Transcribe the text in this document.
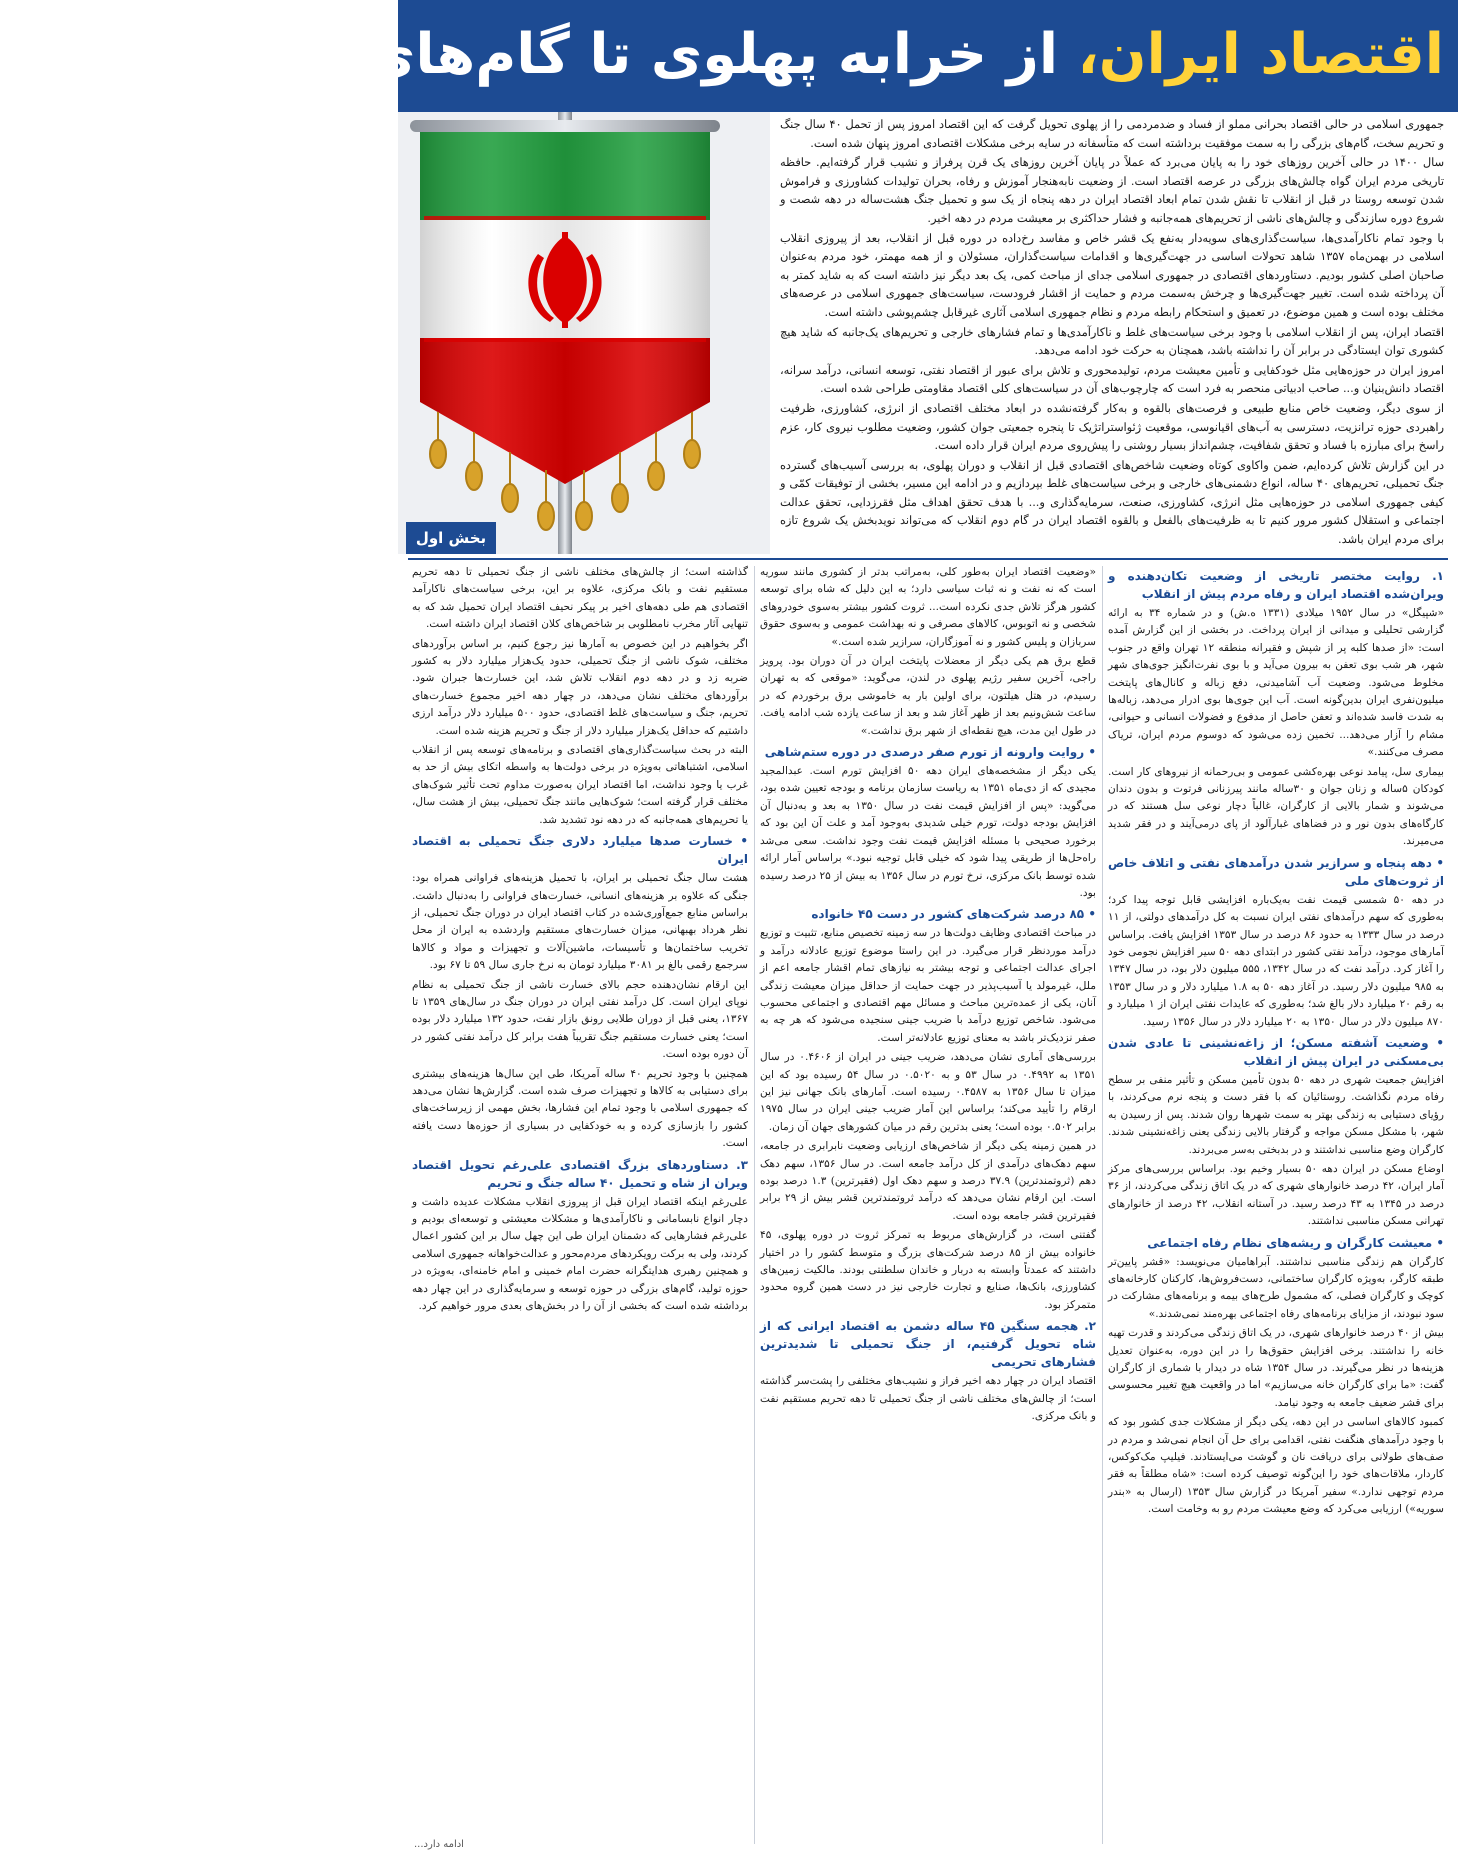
اقتصاد ایران، از خرابه پهلوی تا گام‌های بزرگ انقلاب
بخش اول

جمهوری اسلامی در حالی اقتصاد بحرانی مملو از فساد و ضدمردمی را از پهلوی تحویل گرفت که این اقتصاد امروز پس از تحمل ۴۰ سال جنگ و تحریم سخت، گام‌های بزرگی را به سمت موفقیت برداشته است که متأسفانه در سایه برخی مشکلات اقتصادی امروز پنهان شده است.

سال ۱۴۰۰ در حالی آخرین روزهای خود را به پایان می‌برد که عملاً در پایان آخرین روزهای یک قرن پرفراز و نشیب قرار گرفته‌ایم. حافظه تاریخی مردم ایران گواه چالش‌های بزرگی در عرصه اقتصاد است. از وضعیت نابه‌هنجار آموزش و رفاه، بحران تولیدات کشاورزی و فراموش شدن توسعه روستا در قبل از انقلاب تا نقش شدن تمام ابعاد اقتصاد ایران در دهه پنجاه از یک سو و تحمیل جنگ هشت‌ساله در دهه شصت و شروع دوره سازندگی و چالش‌های ناشی از تحریم‌های همه‌جانبه و فشار حداکثری بر معیشت مردم در دهه اخیر.

با وجود تمام ناکارآمدی‌ها، سیاست‌گذاری‌های سویه‌دار به‌نفع یک قشر خاص و مفاسد رخ‌داده در دوره قبل از انقلاب، بعد از پیروزی انقلاب اسلامی در بهمن‌ماه ۱۳۵۷ شاهد تحولات اساسی در جهت‌گیری‌ها و اقدامات سیاست‌گذاران، مسئولان و از همه مهمتر، خود مردم به‌عنوان صاحبان اصلی کشور بودیم. دستاوردهای اقتصادی در جمهوری اسلامی جدای از مباحث کمی، یک بعد دیگر نیز داشته است که به شاید کمتر به آن پرداخته شده است. تغییر جهت‌گیری‌ها و چرخش به‌سمت مردم و حمایت از اقشار فرودست، سیاست‌های جمهوری اسلامی در عرصه‌های مختلف بوده است و همین موضوع، در تعمیق و استحکام رابطه مردم و نظام جمهوری اسلامی آثاری غیرقابل چشم‌پوشی داشته است.

اقتصاد ایران، پس از انقلاب اسلامی با وجود برخی سیاست‌های غلط و ناکارآمدی‌ها و تمام فشارهای خارجی و تحریم‌های یک‌جانبه که شاید هیچ کشوری توان ایستادگی در برابر آن را نداشته باشد، همچنان به حرکت خود ادامه می‌دهد.

امروز ایران در حوزه‌هایی مثل خودکفایی و تأمین معیشت مردم، تولیدمحوری و تلاش برای عبور از اقتصاد نفتی، توسعه انسانی، درآمد سرانه، اقتصاد دانش‌بنیان و... صاحب ادبیاتی منحصر به فرد است که چارچوب‌های آن در سیاست‌های کلی اقتصاد مقاومتی طراحی شده است.

از سوی دیگر، وضعیت خاص منابع طبیعی و فرصت‌های بالقوه و به‌کار گرفته‌نشده در ابعاد مختلف اقتصادی از انرژی، کشاورزی، ظرفیت راهبردی حوزه ترانزیت، دسترسی به آب‌های اقیانوسی، موقعیت ژئواستراتژیک تا پنجره جمعیتی جوان کشور، وضعیت مطلوب نیروی کار، عزم راسخ برای مبارزه با فساد و تحقق شفافیت، چشم‌انداز بسیار روشنی را پیش‌روی مردم ایران قرار داده است.

در این گزارش تلاش کرده‌ایم، ضمن واکاوی کوتاه وضعیت شاخص‌های اقتصادی قبل از انقلاب و دوران پهلوی، به بررسی آسیب‌های گسترده جنگ تحمیلی، تحریم‌های ۴۰ ساله، انواع دشمنی‌های خارجی و برخی سیاست‌های غلط بپردازیم و در ادامه این مسیر، بخشی از توفیقات کمّی و کیفی جمهوری اسلامی در حوزه‌هایی مثل انرژی، کشاورزی، صنعت، سرمایه‌گذاری و... با هدف تحقق اهداف مثل فقرزدایی، تحقق عدالت اجتماعی و استقلال کشور مرور کنیم تا به ظرفیت‌های بالفعل و بالقوه اقتصاد ایران در گام دوم انقلاب که می‌تواند نوید‌بخش یک شروع تازه برای مردم ایران باشد.

۱. روایت مختصر تاریخی از وضعیت تکان‌دهنده و ویران‌شده اقتصاد ایران و رفاه مردم پیش از انقلاب

«شپیگل» در سال ۱۹۵۲ میلادی (۱۳۳۱ ه.ش) و در شماره ۳۴ به ارائه گزارشی تحلیلی و میدانی از ایران پرداخت. در بخشی از این گزارش آمده است: «از صدها کلبه پر از شپش و فقیرانه منطقه ۱۲ تهران واقع در جنوب شهر، هر شب بوی تعفن به بیرون می‌آید و با بوی نفرت‌انگیز جوی‌های شهر مخلوط می‌شود. وضعیت آب آشامیدنی، دفع زباله و کانال‌های پایتخت میلیون‌نفری ایران بدین‌گونه است. آب این جوی‌ها بوی ادرار می‌دهد، زباله‌ها به شدت فاسد شده‌اند و تعفن حاصل از مدفوع و فضولات انسانی و حیوانی، مشام را آزار می‌دهد... تخمین زده می‌شود که دوسوم مردم ایران، تریاک مصرف می‌کنند.»

بیماری سل، پیامد نوعی بهره‌کشی عمومی و بی‌رحمانه از نیروهای کار است. کودکان ۵ساله و زنان جوان و ۳۰ساله مانند پیرزنانی فرتوت و بدون دندان می‌شوند و شمار بالایی از کارگران، غالباً دچار نوعی سل هستند که در کارگاه‌های بدون نور و در فضاهای غبارآلود از پای درمی‌آیند و در فقر شدید می‌میرند.

• دهه پنجاه و سرازیر شدن درآمدهای نفتی و اتلاف خاص از ثروت‌های ملی

در دهه ۵۰ شمسی قیمت نفت به‌یک‌باره افزایشی قابل توجه پیدا کرد؛ به‌طوری که سهم درآمدهای نفتی ایران نسبت به کل درآمدهای دولتی، از ۱۱ درصد در سال ۱۳۳۳ به حدود ۸۶ درصد در سال ۱۳۵۳ افزایش یافت. براساس آمارهای موجود، درآمد نفتی کشور در ابتدای دهه ۵۰ سیر افزایش نجومی خود را آغاز کرد. درآمد نفت که در سال ۱۳۴۲، ۵۵۵ میلیون دلار بود، در سال ۱۳۴۷ به ۹۸۵ میلیون دلار رسید. در آغاز دهه ۵۰ به ۱.۸ میلیارد دلار و در سال ۱۳۵۳ به رقم ۲۰ میلیارد دلار بالغ شد؛ به‌طوری که عایدات نفتی ایران از ۱ میلیارد و ۸۷۰ میلیون دلار در سال ۱۳۵۰ به ۲۰ میلیارد دلار در سال ۱۳۵۶ رسید.

• وضعیت آشفته مسکن؛ از زاغه‌نشینی تا عادی شدن بی‌مسکنی در ایران پیش از انقلاب

افزایش جمعیت شهری در دهه ۵۰ بدون تأمین مسکن و تأثیر منفی بر سطح رفاه مردم نگذاشت. روستائیان که با فقر دست و پنجه نرم می‌کردند، با رؤیای دستیابی به زندگی بهتر به سمت شهرها روان شدند. پس از رسیدن به شهر، با مشکل مسکن مواجه و گرفتار بالایی زندگی یعنی زاغه‌نشینی شدند. کارگران وضع مناسبی نداشتند و در بدبختی به‌سر می‌بردند.

اوضاع مسکن در ایران دهه ۵۰ بسیار وخیم بود. براساس بررسی‌های مرکز آمار ایران، ۴۲ درصد خانوارهای شهری که در یک اتاق زندگی می‌کردند، از ۳۶ درصد در ۱۳۴۵ به ۴۳ درصد رسید. در آستانه انقلاب، ۴۲ درصد از خانوارهای تهرانی مسکن مناسبی نداشتند.

• معیشت کارگران و ریشه‌های نظام رفاه اجتماعی

کارگران هم زندگی مناسبی نداشتند. آبراهامیان می‌نویسد: «قشر پایین‌تر طبقه کارگر، به‌ویژه کارگران ساختمانی، دست‌فروش‌ها، کارکنان کارخانه‌های کوچک و کارگران فصلی، که مشمول طرح‌های بیمه و برنامه‌های مشارکت در سود نبودند، از مزایای برنامه‌های رفاه اجتماعی بهره‌مند نمی‌شدند.»

بیش از ۴۰ درصد خانوارهای شهری، در یک اتاق زندگی می‌کردند و قدرت تهیه خانه را نداشتند. برخی افزایش حقوق‌ها را در این دوره، به‌عنوان تعدیل هزینه‌ها در نظر می‌گیرند. در سال ۱۳۵۴ شاه در دیدار با شماری از کارگران گفت: «ما برای کارگران خانه می‌سازیم» اما در واقعیت هیچ تغییر محسوسی برای قشر ضعیف جامعه به وجود نیامد.

کمبود کالاهای اساسی در این دهه، یکی دیگر از مشکلات جدی کشور بود که با وجود درآمدهای هنگفت نفتی، اقدامی برای حل آن انجام نمی‌شد و مردم در صف‌های طولانی برای دریافت نان و گوشت می‌ایستادند. فیلیپ مک‌کوکس، کاردار، ملاقات‌های خود را این‌گونه توصیف کرده است: «شاه مطلقاً به فقر مردم توجهی ندارد.» سفیر آمریکا در گزارش سال ۱۳۵۳ (ارسال به «بندر سوریه») ارزیابی می‌کرد که وضع معیشت مردم رو به وخامت است.

«وضعیت اقتصاد ایران به‌طور کلی، به‌مراتب بدتر از کشوری مانند سوریه است که نه نفت و نه ثبات سیاسی دارد؛ به این دلیل که شاه برای توسعه کشور هرگز تلاش جدی نکرده است... ثروت کشور بیشتر به‌سوی خودروهای شخصی و نه اتوبوس، کالاهای مصرفی و نه بهداشت عمومی و به‌سوی حقوق سربازان و پلیس کشور و نه آموزگاران، سرازیر شده است.»

قطع برق هم یکی دیگر از معضلات پایتخت ایران در آن دوران بود. پرویز راجی، آخرین سفیر رژیم پهلوی در لندن، می‌گوید: «موقعی که به تهران رسیدم، در هتل هیلتون، برای اولین بار به خاموشی برق برخوردم که در ساعت شش‌ونیم بعد از ظهر آغاز شد و بعد از ساعت یازده شب ادامه یافت. در طول این مدت، هیچ نقطه‌ای از شهر برق نداشت.»

• روایت وارونه از تورم صفر درصدی در دوره ستم‌شاهی

یکی دیگر از مشخصه‌های ایران دهه ۵۰ افزایش تورم است. عبدالمجید مجیدی که از دی‌ماه ۱۳۵۱ به ریاست سازمان برنامه و بودجه تعیین شده بود، می‌گوید: «پس از افزایش قیمت نفت در سال ۱۳۵۰ به بعد و به‌دنبال آن افزایش بودجه دولت، تورم خیلی شدیدی به‌وجود آمد و علت آن این بود که برخورد صحیحی با مسئله افزایش قیمت نفت وجود نداشت. سعی می‌شد راه‌حل‌ها از طریقی پیدا شود که خیلی قابل توجیه نبود.» براساس آمار ارائه شده توسط بانک مرکزی، نرخ تورم در سال ۱۳۵۶ به بیش از ۲۵ درصد رسیده بود.

• ۸۵ درصد شرکت‌های کشور در دست ۴۵ خانواده

در مباحث اقتصادی وظایف دولت‌ها در سه زمینه تخصیص منابع، تثبیت و توزیع درآمد موردنظر قرار می‌گیرد. در این راستا موضوع توزیع عادلانه درآمد و اجرای عدالت اجتماعی و توجه بیشتر به نیازهای تمام اقشار جامعه اعم از ملل، غیرمولد یا آسیب‌پذیر در جهت حمایت از حداقل میزان معیشت زندگی آنان، یکی از عمده‌ترین مباحث و مسائل مهم اقتصادی و اجتماعی محسوب می‌شود. شاخص توزیع درآمد با ضریب جینی سنجیده می‌شود که هر چه به صفر نزدیک‌تر باشد به معنای توزیع عادلانه‌تر است.

بررسی‌های آماری نشان می‌دهد، ضریب جینی در ایران از ۰.۴۶۰۶ در سال ۱۳۵۱ به ۰.۴۹۹۲ در سال ۵۳ و به ۰.۵۰۲۰ در سال ۵۴ رسیده بود که این میزان تا سال ۱۳۵۶ به ۰.۴۵۸۷ رسیده است. آمارهای بانک جهانی نیز این ارقام را تأیید می‌کند؛ براساس این آمار ضریب جینی ایران در سال ۱۹۷۵ برابر ۰.۵۰۲ بوده است؛ یعنی بدترین رقم در میان کشورهای جهان آن زمان.

در همین زمینه یکی دیگر از شاخص‌های ارزیابی وضعیت نابرابری در جامعه، سهم دهک‌های درآمدی از کل درآمد جامعه است. در سال ۱۳۵۶، سهم دهک دهم (ثروتمندترین) ۳۷.۹ درصد و سهم دهک اول (فقیرترین) ۱.۳ درصد بوده است. این ارقام نشان می‌دهد که درآمد ثروتمندترین قشر بیش از ۲۹ برابر فقیرترین قشر جامعه بوده است.

گفتنی است، در گزارش‌های مربوط به تمرکز ثروت در دوره پهلوی، ۴۵ خانواده بیش از ۸۵ درصد شرکت‌های بزرگ و متوسط کشور را در اختیار داشتند که عمدتاً وابسته به دربار و خاندان سلطنتی بودند. مالکیت زمین‌های کشاورزی، بانک‌ها، صنایع و تجارت خارجی نیز در دست همین گروه محدود متمرکز بود.

۲. هجمه سنگین ۴۵ ساله دشمن به اقتصاد ایرانی که از شاه تحویل گرفتیم، از جنگ تحمیلی تا شدیدترین فشارهای تحریمی

اقتصاد ایران در چهار دهه اخیر فراز و نشیب‌های مختلفی را پشت‌سر گذاشته است؛ از چالش‌های مختلف ناشی از جنگ تحمیلی تا دهه تحریم مستقیم نفت و بانک مرکزی.

گذاشته است؛ از چالش‌های مختلف ناشی از جنگ تحمیلی تا دهه تحریم مستقیم نفت و بانک مرکزی، علاوه بر این، برخی سیاست‌های ناکارآمد اقتصادی هم طی دهه‌های اخیر بر پیکر نحیف اقتصاد ایران تحمیل شد که به تنهایی آثار مخرب نامطلوبی بر شاخص‌های کلان اقتصاد ایران داشته است.

اگر بخواهیم در این خصوص به آمارها نیز رجوع کنیم، بر اساس برآوردهای مختلف، شوک ناشی از جنگ تحمیلی، حدود یک‌هزار میلیارد دلار به کشور ضربه زد و در دهه دوم انقلاب تلاش شد، این خسارت‌ها جبران شود. برآوردهای مختلف نشان می‌دهد، در چهار دهه اخیر مجموع خسارت‌های تحریم، جنگ و سیاست‌های غلط اقتصادی، حدود ۵۰۰ میلیارد دلار درآمد ارزی داشتیم که حداقل یک‌هزار میلیارد دلار از جنگ و تحریم هزینه شده است.

البته در بحث سیاست‌گذاری‌های اقتصادی و برنامه‌های توسعه پس از انقلاب اسلامی، اشتباهاتی به‌ویژه در برخی دولت‌ها به واسطه اتکای بیش از حد به غرب یا وجود نداشت، اما اقتصاد ایران به‌صورت مداوم تحت تأثیر شوک‌های مختلف قرار گرفته است؛ شوک‌هایی مانند جنگ تحمیلی، بیش از هشت سال، یا تحریم‌های همه‌جانبه که در دهه نود تشدید شد.

• خسارت صدها میلیارد دلاری جنگ تحمیلی به اقتصاد ایران

هشت سال جنگ تحمیلی بر ایران، با تحمیل هزینه‌های فراوانی همراه بود: جنگی که علاوه بر هزینه‌های انسانی، خسارت‌های فراوانی را به‌دنبال داشت. براساس منابع جمع‌آوری‌شده در کتاب اقتصاد ایران در دوران جنگ تحمیلی، از نظر هرداد بهبهانی، میزان خسارت‌های مستقیم واردشده به ایران از محل تخریب ساختمان‌ها و تأسیسات، ماشین‌آلات و تجهیزات و مواد و کالاها سرجمع رقمی بالغ بر ۳۰۸۱ میلیارد تومان به نرخ جاری سال ۵۹ تا ۶۷ بود.

این ارقام نشان‌دهنده حجم بالای خسارت ناشی از جنگ تحمیلی به نظام نوپای ایران است. کل درآمد نفتی ایران در دوران جنگ در سال‌های ۱۳۵۹ تا ۱۳۶۷، یعنی قبل از دوران طلایی رونق بازار نفت، حدود ۱۳۲ میلیارد دلار بوده است؛ یعنی خسارت مستقیم جنگ تقریباً هفت برابر کل درآمد نفتی کشور در آن دوره بوده است.

همچنین با وجود تحریم ۴۰ ساله آمریکا، طی این سال‌ها هزینه‌های بیشتری برای دستیابی به کالاها و تجهیزات صرف شده است. گزارش‌ها نشان می‌دهد که جمهوری اسلامی با وجود تمام این فشارها، بخش مهمی از زیرساخت‌های کشور را بازسازی کرده و به خودکفایی در بسیاری از حوزه‌ها دست یافته است.

۳. دستاوردهای بزرگ اقتصادی علی‌رغم تحویل اقتصاد ویران از شاه و تحمیل ۴۰ ساله جنگ و تحریم

علی‌رغم اینکه اقتصاد ایران قبل از پیروزی انقلاب مشکلات عدیده داشت و دچار انواع نابسامانی و ناکارآمدی‌ها و مشکلات معیشتی و توسعه‌ای بودیم و علی‌رغم فشارهایی که دشمنان ایران طی این چهل سال بر این کشور اعمال کردند، ولی به برکت رویکردهای مردم‌محور و عدالت‌خواهانه جمهوری اسلامی و همچنین رهبری هدایتگرانه حضرت امام خمینی و امام خامنه‌ای، به‌ویژه در حوزه تولید، گام‌های بزرگی در حوزه توسعه و سرمایه‌گذاری در این چهار دهه برداشته شده است که بخشی از آن را در بخش‌های بعدی مرور خواهیم کرد.

ادامه دارد...
